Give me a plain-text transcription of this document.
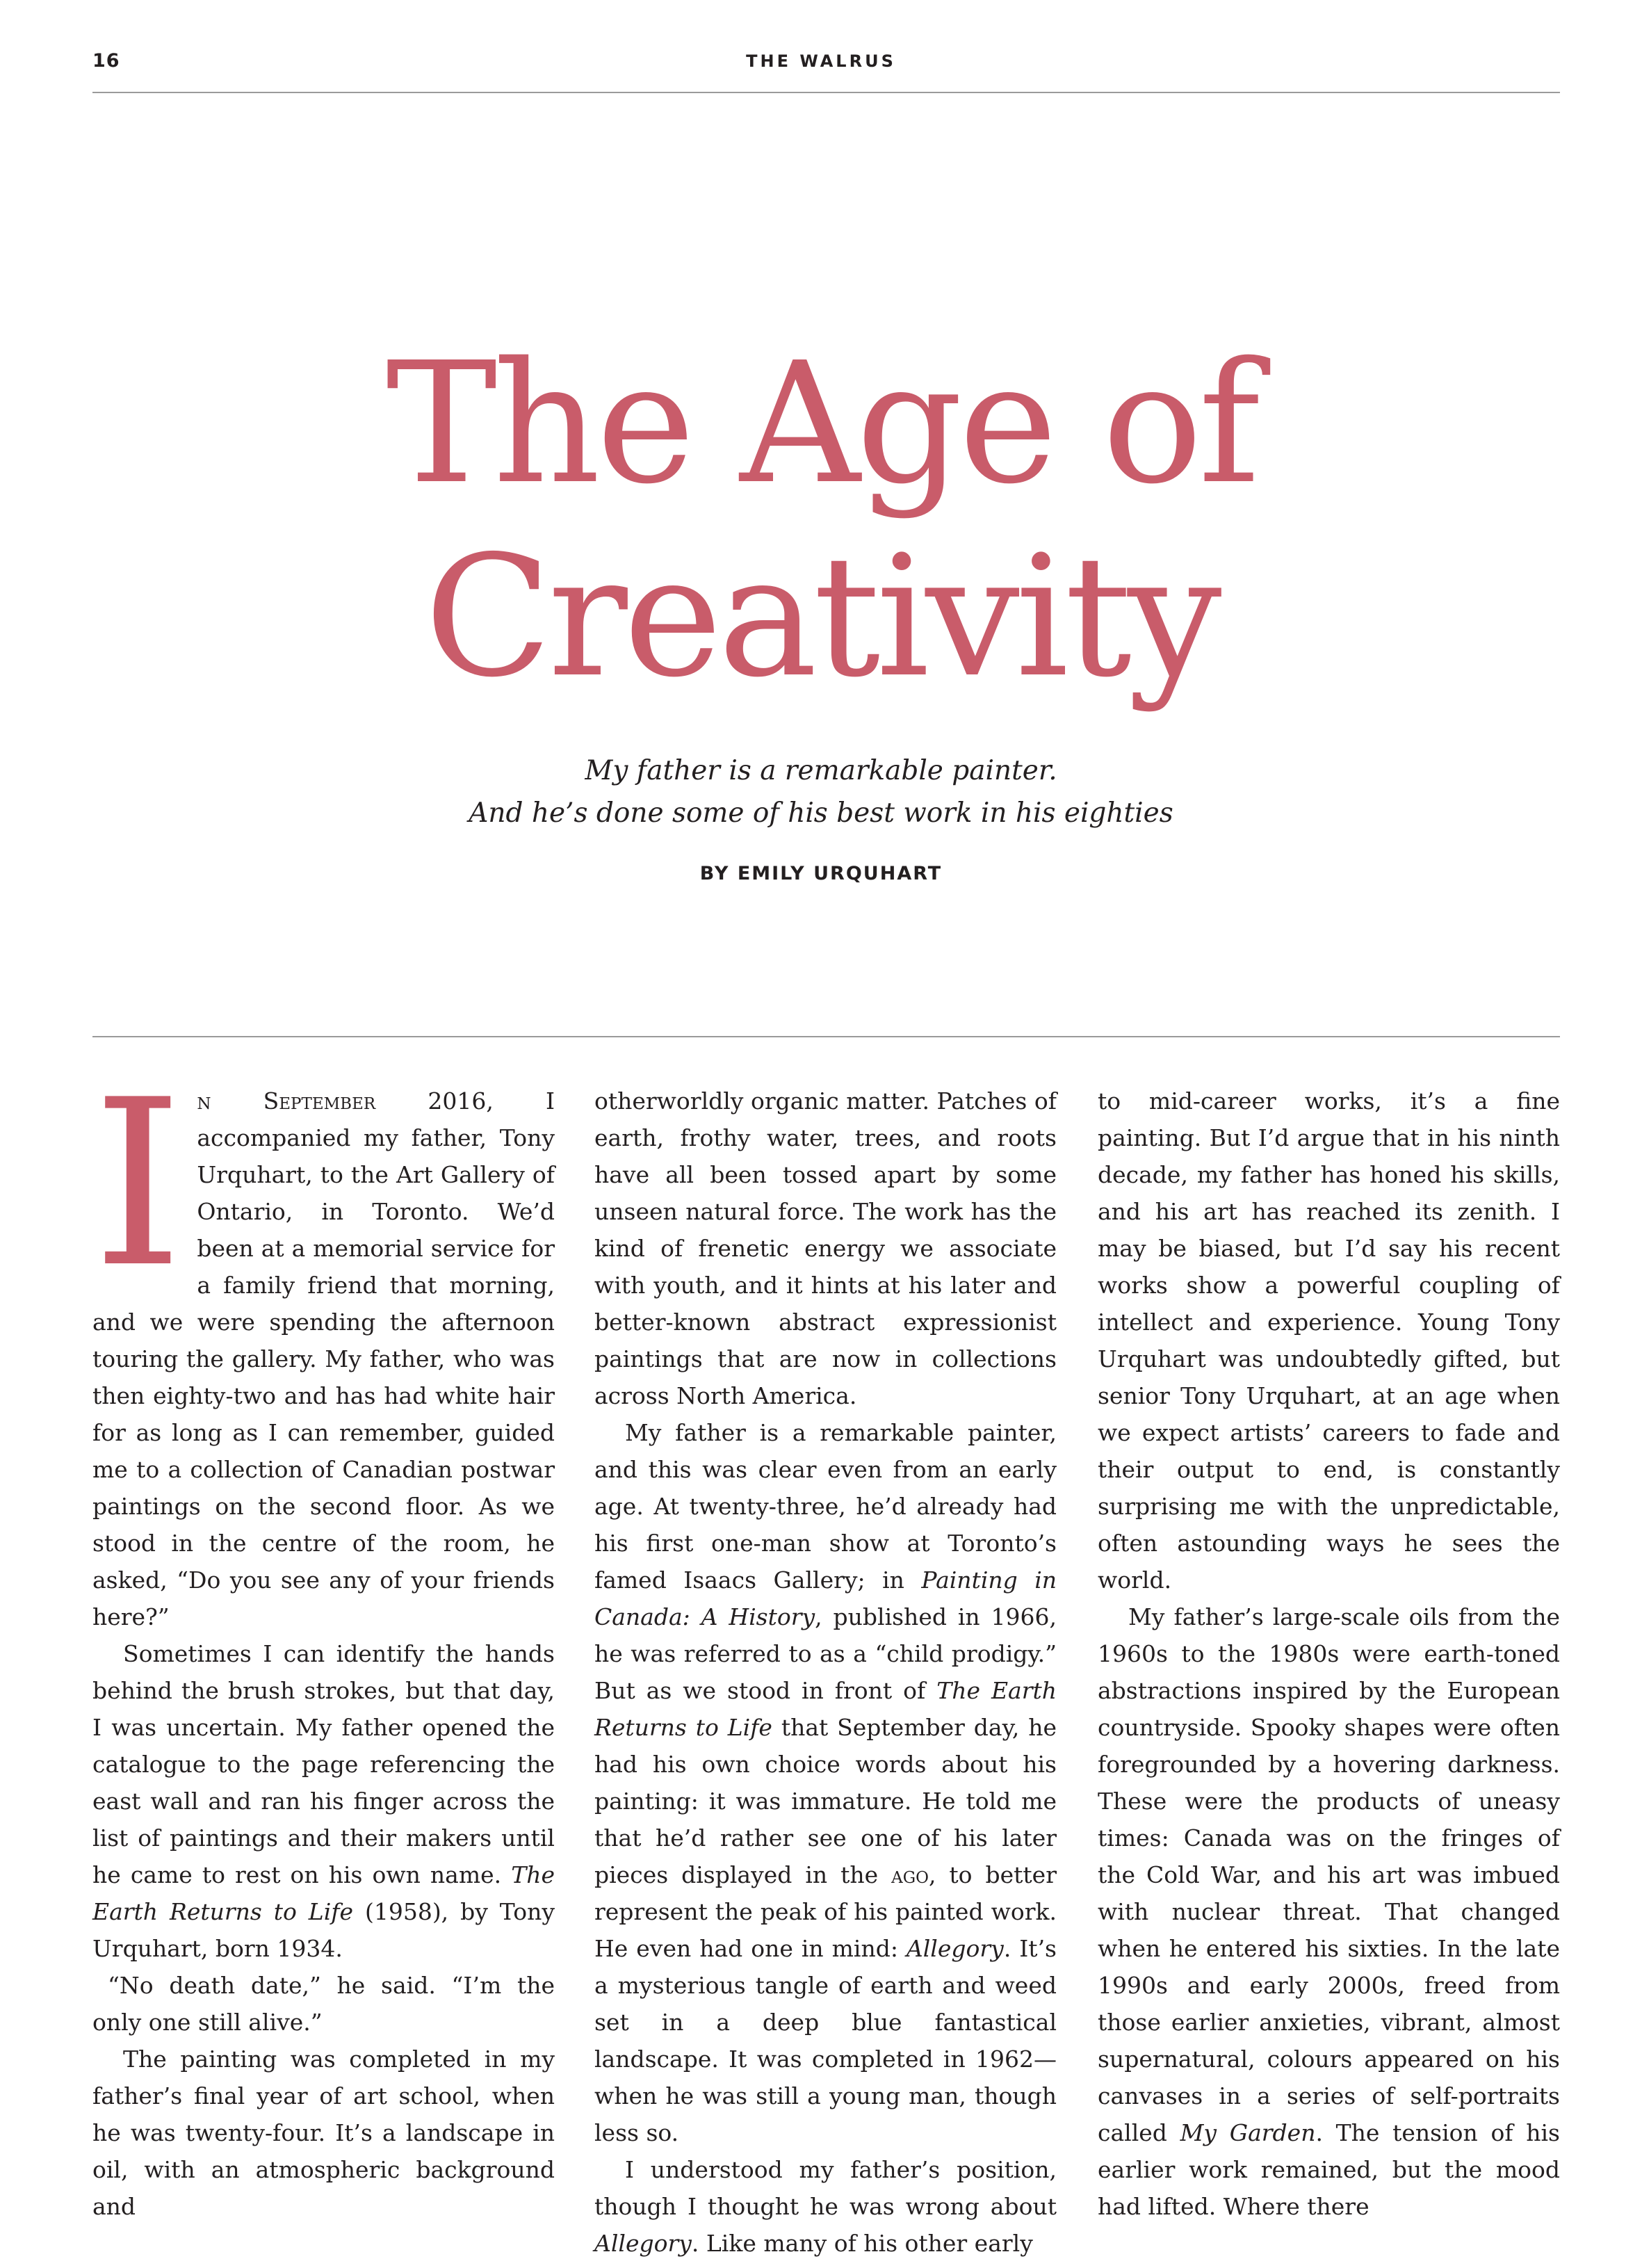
16	THE WALRUS
The Age of
Creativity
My father is a remarkable painter.
And he’s done some of his best work in his eighties
BY EMILY URQUHART

In September 2016, I accompanied my father, Tony Urquhart, to the Art Gallery of Ontario, in Toronto. We’d been at a memorial service for a family friend that morning, and we were spending the afternoon touring the gallery. My father, who was then eighty-two and has had white hair for as long as I can remember, guided me to a collection of Canadian postwar paintings on the second floor. As we stood in the centre of the room, he asked, “Do you see any of your friends here?”

Sometimes I can identify the hands behind the brush strokes, but that day, I was uncertain. My father opened the catalogue to the page referencing the east wall and ran his finger across the list of paintings and their makers until he came to rest on his own name. The Earth Returns to Life (1958), by Tony Urquhart, born 1934.

“No death date,” he said. “I’m the only one still alive.”

The painting was completed in my father’s final year of art school, when he was twenty-four. It’s a landscape in oil, with an atmospheric background and

otherworldly organic matter. Patches of earth, frothy water, trees, and roots have all been tossed apart by some unseen natural force. The work has the kind of frenetic energy we associate with youth, and it hints at his later and better-known abstract expressionist paintings that are now in collections across North America.

My father is a remarkable painter, and this was clear even from an early age. At twenty-three, he’d already had his first one-man show at Toronto’s famed Isaacs Gallery; in Painting in Canada: A History, published in 1966, he was referred to as a “child prodigy.” But as we stood in front of The Earth Returns to Life that September day, he had his own choice words about his painting: it was immature. He told me that he’d rather see one of his later pieces displayed in the ago, to better represent the peak of his painted work. He even had one in mind: Allegory. It’s a mysterious tangle of earth and weed set in a deep blue fantastical landscape. It was completed in 1962—when he was still a young man, though less so.

I understood my father’s position, though I thought he was wrong about Allegory. Like many of his other early

to mid-career works, it’s a fine painting. But I’d argue that in his ninth decade, my father has honed his skills, and his art has reached its zenith. I may be biased, but I’d say his recent works show a powerful coupling of intellect and experience. Young Tony Urquhart was undoubtedly gifted, but senior Tony Urquhart, at an age when we expect artists’ careers to fade and their output to end, is constantly surprising me with the unpredictable, often astounding ways he sees the world.

My father’s large-scale oils from the 1960s to the 1980s were earth-toned abstractions inspired by the European countryside. Spooky shapes were often foregrounded by a hovering darkness. These were the products of uneasy times: Canada was on the fringes of the Cold War, and his art was imbued with nuclear threat. That changed when he entered his sixties. In the late 1990s and early 2000s, freed from those earlier anxieties, vibrant, almost supernatural, colours appeared on his canvases in a series of self-portraits called My Garden. The tension of his earlier work remained, but the mood had lifted. Where there
